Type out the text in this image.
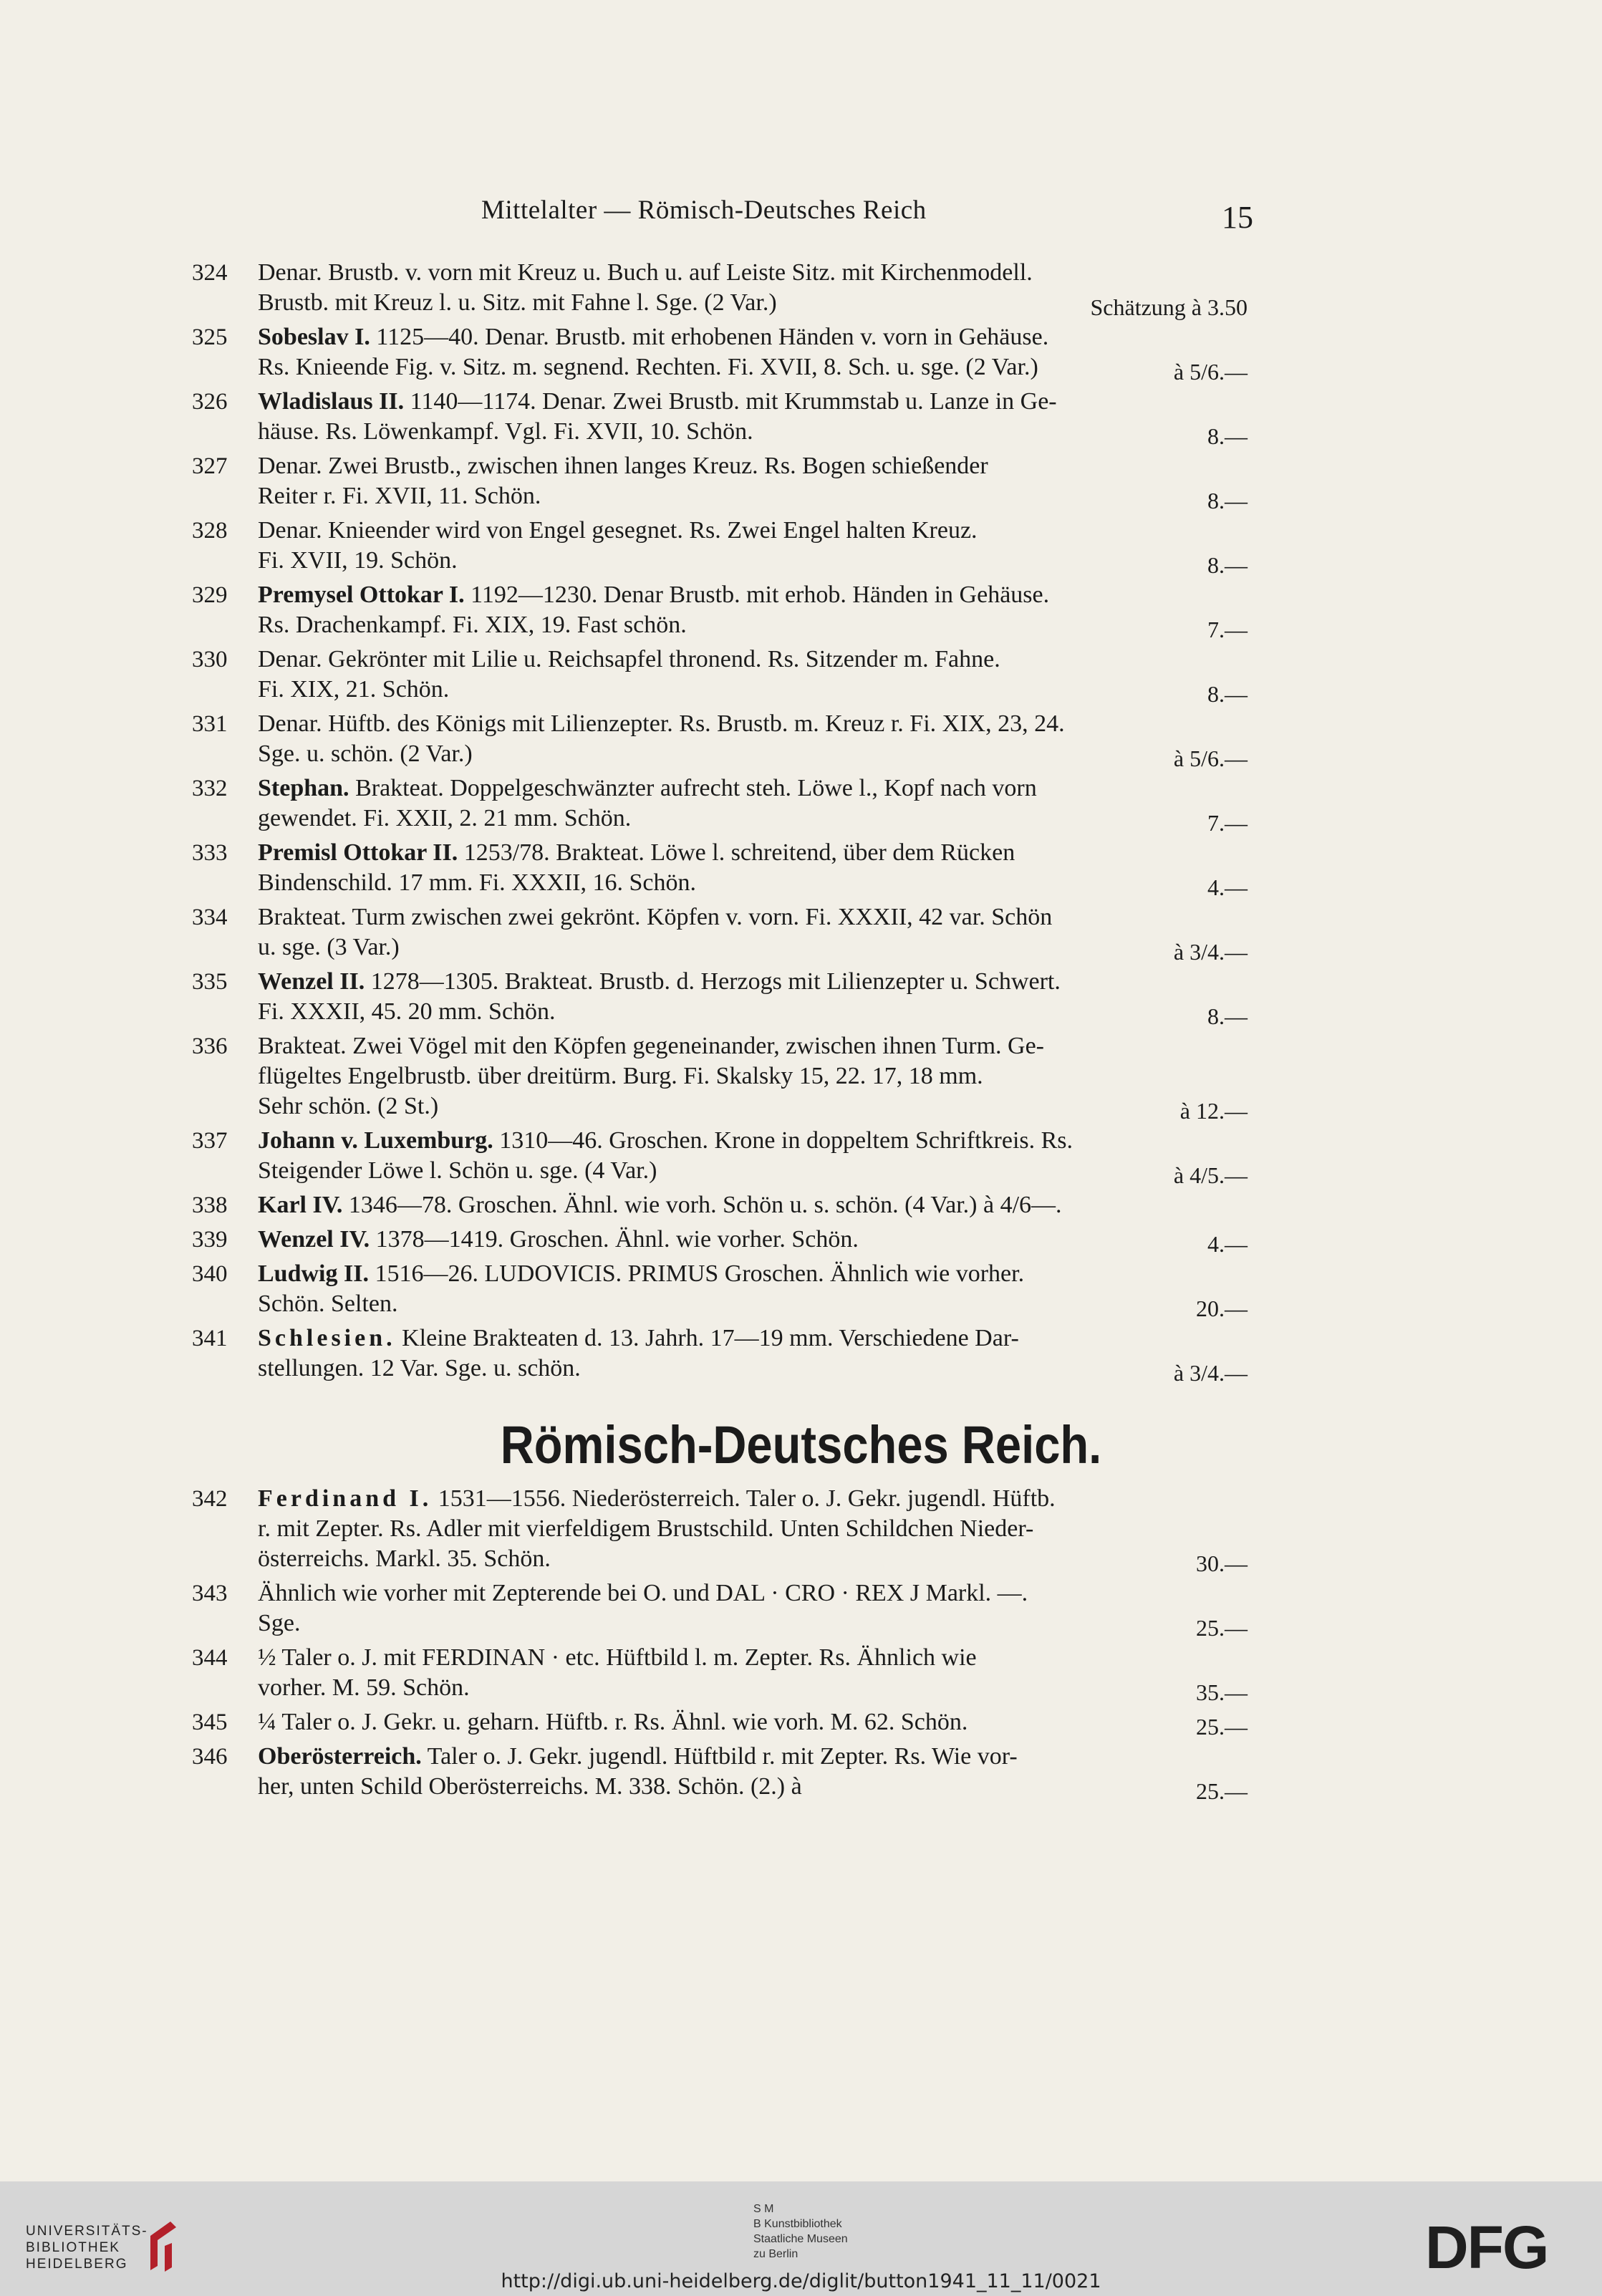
Mittelalter — Römisch-Deutsches Reich	15
324 Denar. Brustb. v. vorn mit Kreuz u. Buch u. auf Leiste Sitz. mit Kirchenmodell.
Brustb. mit Kreuz l. u. Sitz. mit Fahne l. Sge. (2 Var.)	Schätzung à 3.50
325 Sobeslav I. 1125—40. Denar. Brustb. mit erhobenen Händen v. vorn in Gehäuse.
Rs. Knieende Fig. v. Sitz. m. segnend. Rechten. Fi. XVII, 8. Sch. u. sge. (2 Var.)	à 5/6.—
326 Wladislaus II. 1140—1174. Denar. Zwei Brustb. mit Krummstab u. Lanze in Ge-
häuse. Rs. Löwenkampf. Vgl. Fi. XVII, 10. Schön.	8.—
327 Denar. Zwei Brustb., zwischen ihnen langes Kreuz. Rs. Bogen schießender
Reiter r. Fi. XVII, 11. Schön.	8.—
328 Denar. Knieender wird von Engel gesegnet. Rs. Zwei Engel halten Kreuz.
Fi. XVII, 19. Schön.	8.—
329 Premysel Ottokar I. 1192—1230. Denar Brustb. mit erhob. Händen in Gehäuse.
Rs. Drachenkampf. Fi. XIX, 19. Fast schön.	7.—
330 Denar. Gekrönter mit Lilie u. Reichsapfel thronend. Rs. Sitzender m. Fahne.
Fi. XIX, 21. Schön.	8.—
331 Denar. Hüftb. des Königs mit Lilienzepter. Rs. Brustb. m. Kreuz r. Fi. XIX, 23, 24.
Sge. u. schön. (2 Var.)	à 5/6.—
332 Stephan. Brakteat. Doppelgeschwänzter aufrecht steh. Löwe l., Kopf nach vorn
gewendet. Fi. XXII, 2. 21 mm. Schön.	7.—
333 Premisl Ottokar II. 1253/78. Brakteat. Löwe l. schreitend, über dem Rücken
Bindenschild. 17 mm. Fi. XXXII, 16. Schön.	4.—
334 Brakteat. Turm zwischen zwei gekrönt. Köpfen v. vorn. Fi. XXXII, 42 var. Schön
u. sge. (3 Var.)	à 3/4.—
335 Wenzel II. 1278—1305. Brakteat. Brustb. d. Herzogs mit Lilienzepter u. Schwert.
Fi. XXXII, 45. 20 mm. Schön.	8.—
336 Brakteat. Zwei Vögel mit den Köpfen gegeneinander, zwischen ihnen Turm. Ge-
flügeltes Engelbrustb. über dreitürm. Burg. Fi. Skalsky 15, 22. 17, 18 mm.
Sehr schön. (2 St.)	à 12.—
337 Johann v. Luxemburg. 1310—46. Groschen. Krone in doppeltem Schriftkreis. Rs.
Steigender Löwe l. Schön u. sge. (4 Var.)	à 4/5.—
338 Karl IV. 1346—78. Groschen. Ähnl. wie vorh. Schön u. s. schön. (4 Var.) à 4/6—.
339 Wenzel IV. 1378—1419. Groschen. Ähnl. wie vorher. Schön.	4.—
340 Ludwig II. 1516—26. LUDOVICIS. PRIMUS Groschen. Ähnlich wie vorher.
Schön. Selten.	20.—
341 Schlesien. Kleine Brakteaten d. 13. Jahrh. 17—19 mm. Verschiedene Dar-
stellungen. 12 Var. Sge. u. schön.	à 3/4.—
Römisch-Deutsches Reich.
342 Ferdinand I. 1531—1556. Niederösterreich. Taler o. J. Gekr. jugendl. Hüftb.
r. mit Zepter. Rs. Adler mit vierfeldigem Brustschild. Unten Schildchen Nieder-
österreichs. Markl. 35. Schön.	30.—
343 Ähnlich wie vorher mit Zepterende bei O. und DAL · CRO · REX J Markl. —.
Sge.	25.—
344 ½ Taler o. J. mit FERDINAN · etc. Hüftbild l. m. Zepter. Rs. Ähnlich wie
vorher. M. 59. Schön.	35.—
345 ¼ Taler o. J. Gekr. u. geharn. Hüftb. r. Rs. Ähnl. wie vorh. M. 62. Schön.	25.—
346 Oberösterreich. Taler o. J. Gekr. jugendl. Hüftbild r. mit Zepter. Rs. Wie vor-
her, unten Schild Oberösterreichs. M. 338. Schön. (2.) à	25.—
UNIVERSITÄTS-
BIBLIOTHEK
HEIDELBERG
S M
B Kunstbibliothek
Staatliche Museen
zu Berlin	DFG
http://digi.ub.uni-heidelberg.de/diglit/button1941_11_11/0021
